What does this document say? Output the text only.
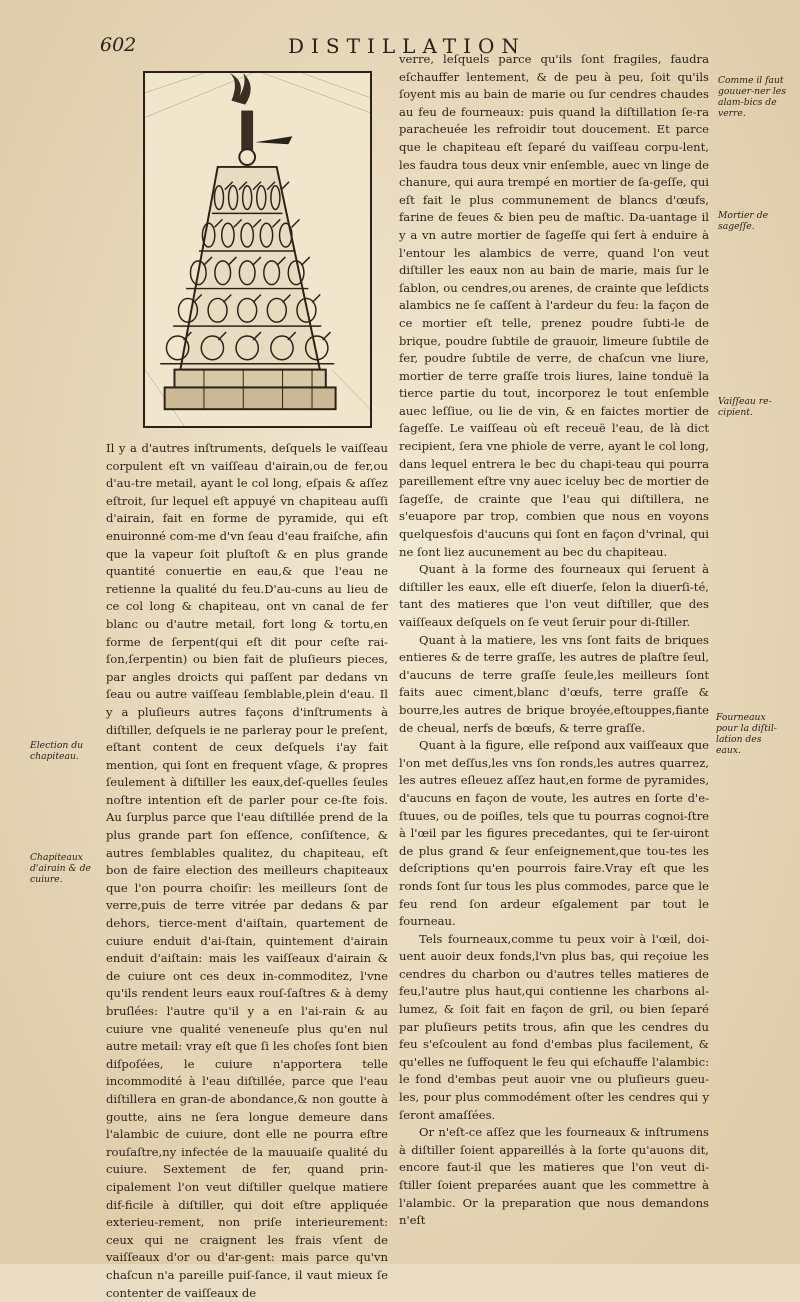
602	DISTILLATION

Il y a d'autres inſtruments, deſquels le vaiſſeau corpulent eſt vn vaiſſeau d'airain,ou de fer,ou d'au-tre metail, ayant le col long, eſpais & aſſez eſtroit, ſur lequel eſt appuyé vn chapiteau auſſi d'airain, fait en forme de pyramide, qui eſt enuironné com-me d'vn ſeau d'eau fraiſche, afin que la vapeur ſoit pluſtoſt & en plus grande quantité conuertie en eau,& que l'eau ne retienne la qualité du feu.D'au-cuns au lieu de ce col long & chapiteau, ont vn canal de fer blanc ou d'autre metail, fort long & tortu,en forme de ſerpent(qui eſt dit pour ceſte rai-ſon,ſerpentin) ou bien fait de pluſieurs pieces, par angles droicts qui paſſent par dedans vn ſeau ou autre vaiſſeau ſemblable,plein d'eau. Il y a pluſieurs autres façons d'inſtruments à diſtiller, deſquels ie ne parleray pour le preſent, eſtant content de ceux deſquels i'ay fait mention, qui ſont en frequent vſage, & propres ſeulement à diſtiller les eaux,deſ-quelles ſeules noſtre intention eſt de parler pour ce-ſte fois. Au ſurplus parce que l'eau diſtillée prend de la plus grande part ſon eſſence, conſiſtence, & autres ſemblables qualitez, du chapiteau, eſt bon de faire election des meilleurs chapiteaux que l'on pourra choiſir: les meilleurs ſont de verre,puis de terre vitrée par dedans & par dehors, tierce-ment d'aiſtain, quartement de cuiure enduit d'ai-ſtain, quintement d'airain enduit d'aiſtain: mais les vaiſſeaux d'airain & de cuiure ont ces deux in-commoditez, l'vne qu'ils rendent leurs eaux rouſ-ſaſtres & à demy bruſlées: l'autre qu'il y a en l'ai-rain & au cuiure vne qualité veneneuſe plus qu'en nul autre metail: vray eſt que ſi les choſes ſont bien diſpoſées, le cuiure n'apportera telle incommodité à l'eau diſtillée, parce que l'eau diſtillera en gran-de abondance,& non goutte à goutte, ains ne ſera longue demeure dans l'alambic de cuiure, dont elle ne pourra eſtre rouſaſtre,ny infectée de la mauuaiſe qualité du cuiure. Sextement de fer, quand prin-cipalement l'on veut diſtiller quelque matiere dif-ficile à diſtiller, qui doit eſtre appliquée exterieu-rement, non priſe interieurement: ceux qui ne craignent les frais vſent de vaiſſeaux d'or ou d'ar-gent: mais parce qu'vn chaſcun n'a pareille puiſ-ſance, il vaut mieux ſe contenter de vaiſſeaux de

verre, leſquels parce qu'ils ſont fragiles, faudra eſchauffer lentement, & de peu à peu, ſoit qu'ils ſoyent mis au bain de marie ou ſur cendres chaudes au feu de fourneaux: puis quand la diſtillation ſe-ra paracheuée les refroidir tout doucement. Et parce que le chapiteau eſt ſeparé du vaiſſeau corpu-lent, les faudra tous deux vnir enſemble, auec vn linge de chanure, qui aura trempé en mortier de ſa-geſſe, qui eſt fait le plus communement de blancs d'œufs, farine de feues & bien peu de maſtic. Da-uantage il y a vn autre mortier de ſageſſe qui ſert à enduire à l'entour les alambics de verre, quand l'on veut diſtiller les eaux non au bain de marie, mais ſur le ſablon, ou cendres,ou arenes, de crainte que leſdicts alambics ne ſe caſſent à l'ardeur du feu: la façon de ce mortier eſt telle, prenez poudre ſubti-le de brique, poudre ſubtile de grauoir, limeure ſubtile de fer, poudre ſubtile de verre, de chaſcun vne liure, mortier de terre graſſe trois liures, laine tonduë la tierce partie du tout, incorporez le tout enſemble auec leſſiue, ou lie de vin, & en faictes mortier de ſageſſe. Le vaiſſeau où eſt receuë l'eau, de là dict recipient, ſera vne phiole de verre, ayant le col long, dans lequel entrera le bec du chapi-teau qui pourra pareillement eſtre vny auec iceluy bec de mortier de ſageſſe, de crainte que l'eau qui diſtillera, ne s'euapore par trop, combien que nous en voyons quelquesfois d'aucuns qui ſont en façon d'vrinal, qui ne ſont liez aucunement au bec du chapiteau.

Quant à la forme des fourneaux qui ſeruent à diſtiller les eaux, elle eſt diuerſe, ſelon la diuerſi-té, tant des matieres que l'on veut diſtiller, que des vaiſſeaux deſquels on ſe veut ſeruir pour di-ſtiller.

Quant à la matiere, les vns ſont faits de briques entieres & de terre graſſe, les autres de plaſtre ſeul, d'aucuns de terre graſſe ſeule,les meilleurs ſont faits auec ciment,blanc d'œufs, terre graſſe & bourre,les autres de brique broyée,eſtouppes,fiante de cheual, nerfs de bœufs, & terre graſſe.

Quant à la figure, elle reſpond aux vaiſſeaux que l'on met deſſus,les vns ſon ronds,les autres quarrez, les autres eſleuez aſſez haut,en forme de pyramides, d'aucuns en façon de voute, les autres en ſorte d'e-ſtuues, ou de poiſles, tels que tu pourras cognoi-ſtre à l'œil par les figures precedantes, qui te ſer-uiront de plus grand & ſeur enſeignement,que tou-tes les deſcriptions qu'en pourrois faire.Vray eſt que les ronds ſont ſur tous les plus commodes, parce que le feu rend ſon ardeur eſgalement par tout le fourneau.

Tels fourneaux,comme tu peux voir à l'œil, doi-uent auoir deux fonds,l'vn plus bas, qui reçoiue les cendres du charbon ou d'autres telles matieres de feu,l'autre plus haut,qui contienne les charbons al-lumez, & ſoit fait en façon de gril, ou bien ſeparé par pluſieurs petits trous, afin que les cendres du feu s'eſcoulent au fond d'embas plus facilement, & qu'elles ne ſuffoquent le feu qui eſchauffe l'alambic: le fond d'embas peut auoir vne ou pluſieurs gueu-les, pour plus commodément oſter les cendres qui y ſeront amaſſées.

Or n'eſt-ce aſſez que les fourneaux & inſtrumens à diſtiller ſoient appareillés à la ſorte qu'auons dit, encore faut-il que les matieres que l'on veut di-ſtiller ſoient preparées auant que les commettre à l'alambic. Or la preparation que nous demandons n'eſt

Comme il faut gouuer-ner les alam-bics de verre.
Mortier de sageſſe.
Vaiſſeau re-cipient.
Election du chapiteau.
Chapiteaux d'airain & de cuiure.
Fourneaux pour la diſtil-lation des eaux.
